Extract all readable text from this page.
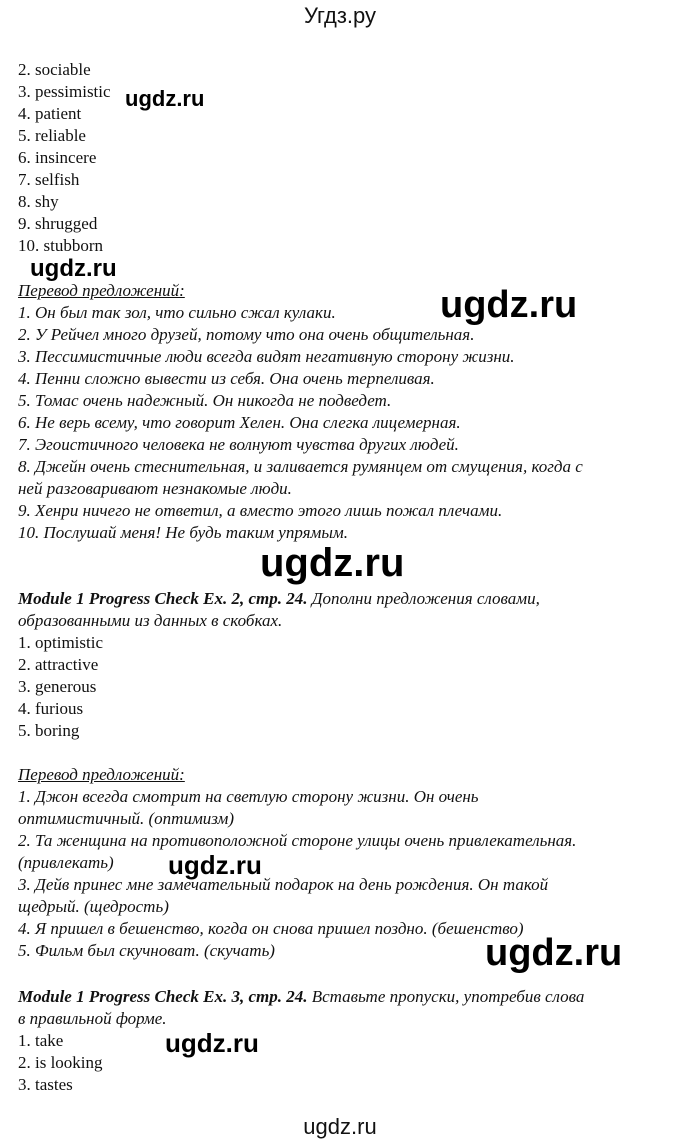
Угдз.ру
2. sociable
3. pessimistic
4. patient
5. reliable
6. insincere
7. selfish
8. shy
9. shrugged
10. stubborn
Перевод предложений:
1. Он был так зол, что сильно сжал кулаки.
2. У Рейчел много друзей, потому что она очень общительная.
3. Пессимистичные люди всегда видят негативную сторону жизни.
4. Пенни сложно вывести из себя. Она очень терпеливая.
5. Томас очень надежный. Он никогда не подведет.
6. Не верь всему, что говорит Хелен. Она слегка лицемерная.
7. Эгоистичного человека не волнуют чувства других людей.
8. Джейн очень стеснительная, и заливается румянцем от смущения, когда с
ней разговаривают незнакомые люди.
9. Хенри ничего не ответил, а вместо этого лишь пожал плечами.
10. Послушай меня! Не будь таким упрямым.
Module 1 Progress Check Ex. 2, стр. 24. Дополни предложения словами,
образованными из данных в скобках.
1. optimistic
2. attractive
3. generous
4. furious
5. boring
Перевод предложений:
1. Джон всегда смотрит на светлую сторону жизни. Он очень
оптимистичный. (оптимизм)
2. Та женщина на противоположной стороне улицы очень привлекательная.
(привлекать)
3. Дейв принес мне замечательный подарок на день рождения. Он такой
щедрый. (щедрость)
4. Я пришел в бешенство, когда он снова пришел поздно. (бешенство)
5. Фильм был скучноват. (скучать)
Module 1 Progress Check Ex. 3, стр. 24. Вставьте пропуски, употребив слова
в правильной форме.
1. take
2. is looking
3. tastes
ugdz.ru
ugdz.ru
ugdz.ru
ugdz.ru
ugdz.ru
ugdz.ru
ugdz.ru
ugdz.ru
